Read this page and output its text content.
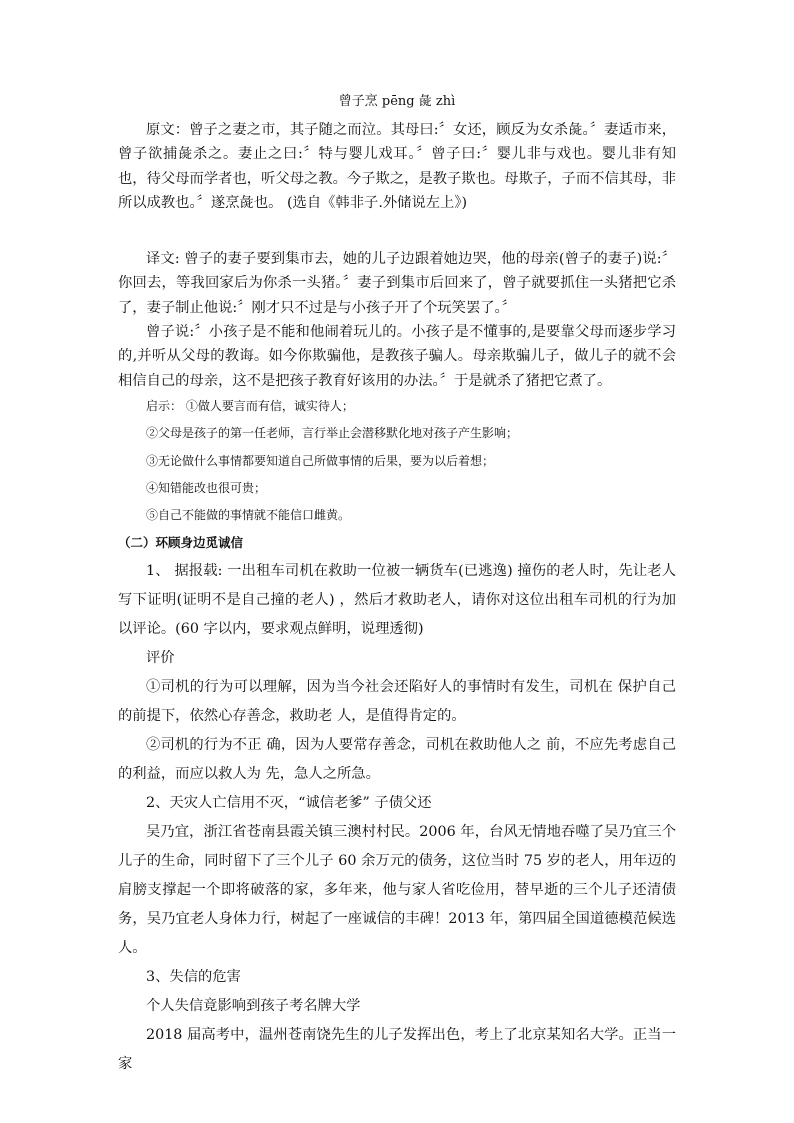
曾子烹 pēng 彘 zhì

原文：曾子之妻之市，其子随之而泣。其母曰:〞女还，顾反为女杀彘。〞妻适市来，曾子欲捕彘杀之。妻止之曰:〞特与婴儿戏耳。〞曾子曰:〞婴儿非与戏也。婴儿非有知也，待父母而学者也，听父母之教。今子欺之，是教子欺也。母欺子，子而不信其母，非所以成教也。〞遂烹彘也。 (选自《韩非子.外储说左上》)

译文: 曾子的妻子要到集市去，她的儿子边跟着她边哭，他的母亲(曾子的妻子)说:〞你回去，等我回家后为你杀一头猪。〞妻子到集市后回来了，曾子就要抓住一头猪把它杀了，妻子制止他说:〞刚才只不过是与小孩子开了个玩笑罢了。〞

曾子说:〞小孩子是不能和他闹着玩儿的。小孩子是不懂事的,是要靠父母而逐步学习的,并听从父母的教诲。如今你欺骗他，是教孩子骗人。母亲欺骗儿子，做儿子的就不会相信自己的母亲，这不是把孩子教育好该用的办法。〞于是就杀了猪把它煮了。

启示： ①做人要言而有信，诚实待人；

②父母是孩子的第一任老师，言行举止会潜移默化地对孩子产生影响；

③无论做什么事情都要知道自己所做事情的后果，要为以后着想；

④知错能改也很可贵；

⑤自己不能做的事情就不能信口雌黄。

（二）环顾身边觅诚信

1、 据报载: 一出租车司机在救助一位被一辆货车(已逃逸) 撞伤的老人时，先让老人写下证明(证明不是自己撞的老人) ，然后才救助老人，请你对这位出租车司机的行为加以评论。(60 字以内，要求观点鲜明，说理透彻)

评价

①司机的行为可以理解，因为当今社会还陷好人的事情时有发生，司机在 保护自己的前提下，依然心存善念，救助老 人，是值得肯定的。

②司机的行为不正 确，因为人要常存善念，司机在救助他人之 前，不应先考虑自己的利益，而应以救人为 先，急人之所急。

2、天灾人亡信用不灭，“诚信老爹” 子债父还

吴乃宜，浙江省苍南县霞关镇三澳村村民。2006 年，台风无情地吞噬了吴乃宜三个儿子的生命，同时留下了三个儿子 60 余万元的债务，这位当时 75 岁的老人，用年迈的肩膀支撑起一个即将破落的家，多年来，他与家人省吃俭用，替早逝的三个儿子还清债务，吴乃宜老人身体力行，树起了一座诚信的丰碑！2013 年，第四届全国道德模范候选人。

3、失信的危害

个人失信竟影响到孩子考名牌大学

2018 届高考中，温州苍南饶先生的儿子发挥出色，考上了北京某知名大学。正当一家
